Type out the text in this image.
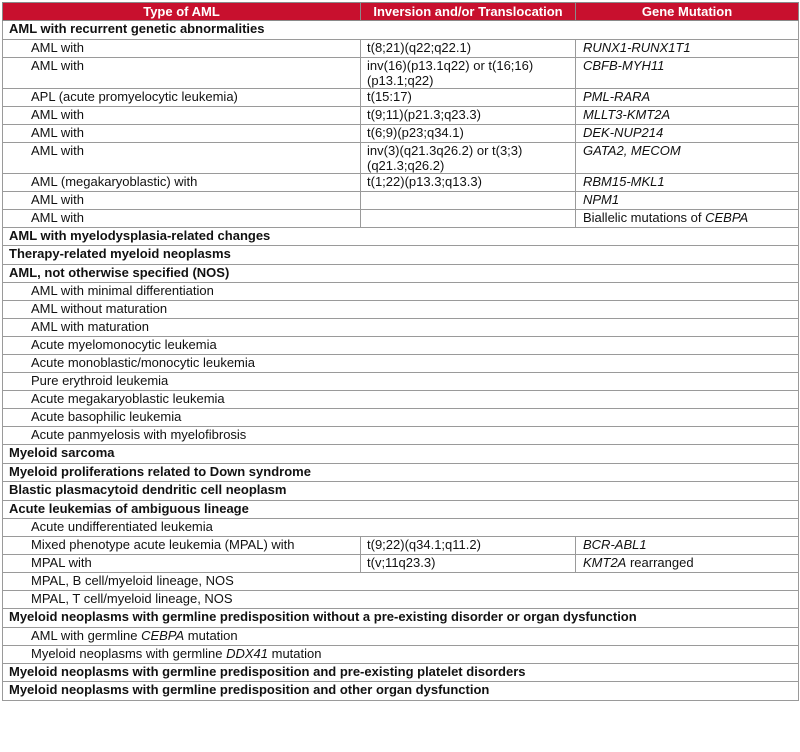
Type of AML	Inversion and/or Translocation	Gene Mutation
AML with recurrent genetic abnormalities		
AML with	t(8;21)(q22;q22.1)	RUNX1-RUNX1T1
AML with	inv(16)(p13.1q22) or t(16;16)(p13.1;q22)	CBFB-MYH11
APL (acute promyelocytic leukemia)	t(15:17)	PML-RARA
AML with	t(9;11)(p21.3;q23.3)	MLLT3-KMT2A
AML with	t(6;9)(p23;q34.1)	DEK-NUP214
AML with	inv(3)(q21.3q26.2) or t(3;3)(q21.3;q26.2)	GATA2, MECOM
AML (megakaryoblastic) with	t(1;22)(p13.3;q13.3)	RBM15-MKL1
AML with		NPM1
AML with		Biallelic mutations of CEBPA
AML with myelodysplasia-related changes		
Therapy-related myeloid neoplasms		
AML, not otherwise specified (NOS)		
AML with minimal differentiation		
AML without maturation		
AML with maturation		
Acute myelomonocytic leukemia		
Acute monoblastic/monocytic leukemia		
Pure erythroid leukemia		
Acute megakaryoblastic leukemia		
Acute basophilic leukemia		
Acute panmyelosis with myelofibrosis		
Myeloid sarcoma		
Myeloid proliferations related to Down syndrome		
Blastic plasmacytoid dendritic cell neoplasm		
Acute leukemias of ambiguous lineage		
Acute undifferentiated leukemia		
Mixed phenotype acute leukemia (MPAL) with	t(9;22)(q34.1;q11.2)	BCR-ABL1
MPAL with	t(v;11q23.3)	KMT2A rearranged
MPAL, B cell/myeloid lineage, NOS		
MPAL, T cell/myeloid lineage, NOS		
Myeloid neoplasms with germline predisposition without a pre-existing disorder or organ dysfunction		
AML with germline CEBPA mutation		
Myeloid neoplasms with germline DDX41 mutation		
Myeloid neoplasms with germline predisposition and pre-existing platelet disorders		
Myeloid neoplasms with germline predisposition and other organ dysfunction		
